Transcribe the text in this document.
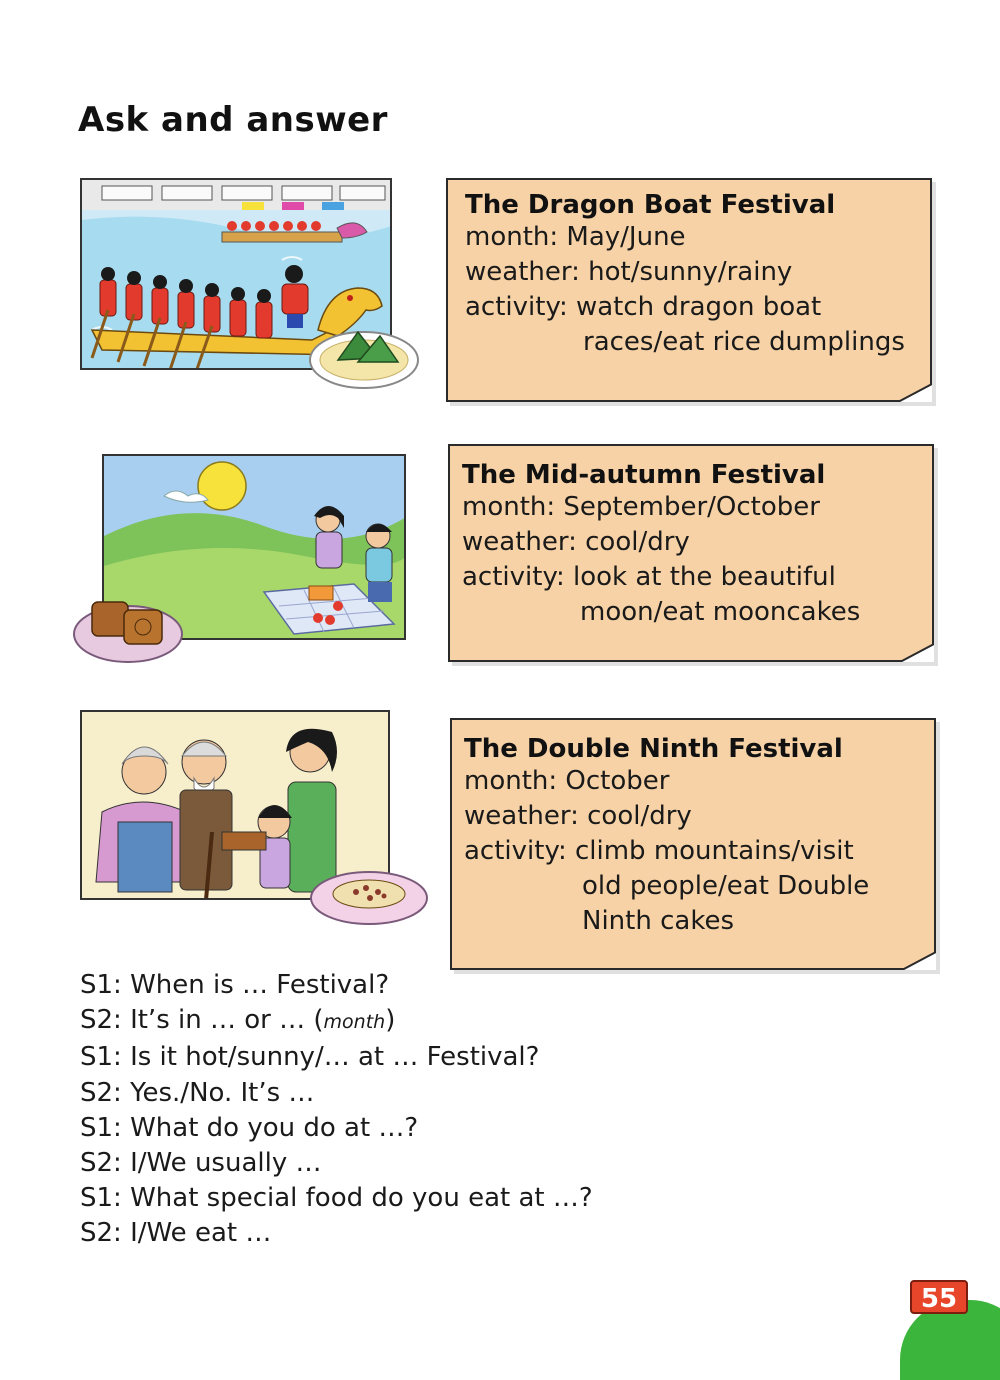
Ask and answer
The Dragon Boat Festival
month: May/June
weather: hot/sunny/rainy
activity: watch dragon boat
races/eat rice dumplings
The Mid-autumn Festival
month: September/October
weather: cool/dry
activity: look at the beautiful
moon/eat mooncakes
The Double Ninth Festival
month: October
weather: cool/dry
activity: climb mountains/visit
old people/eat Double
Ninth cakes
S1: When is … Festival?
S2: It’s in … or … (month)
S1: Is it hot/sunny/… at … Festival?
S2: Yes./No. It’s …
S1: What do you do at …?
S2: I/We usually …
S1: What special food do you eat at …?
S2: I/We eat …
55
